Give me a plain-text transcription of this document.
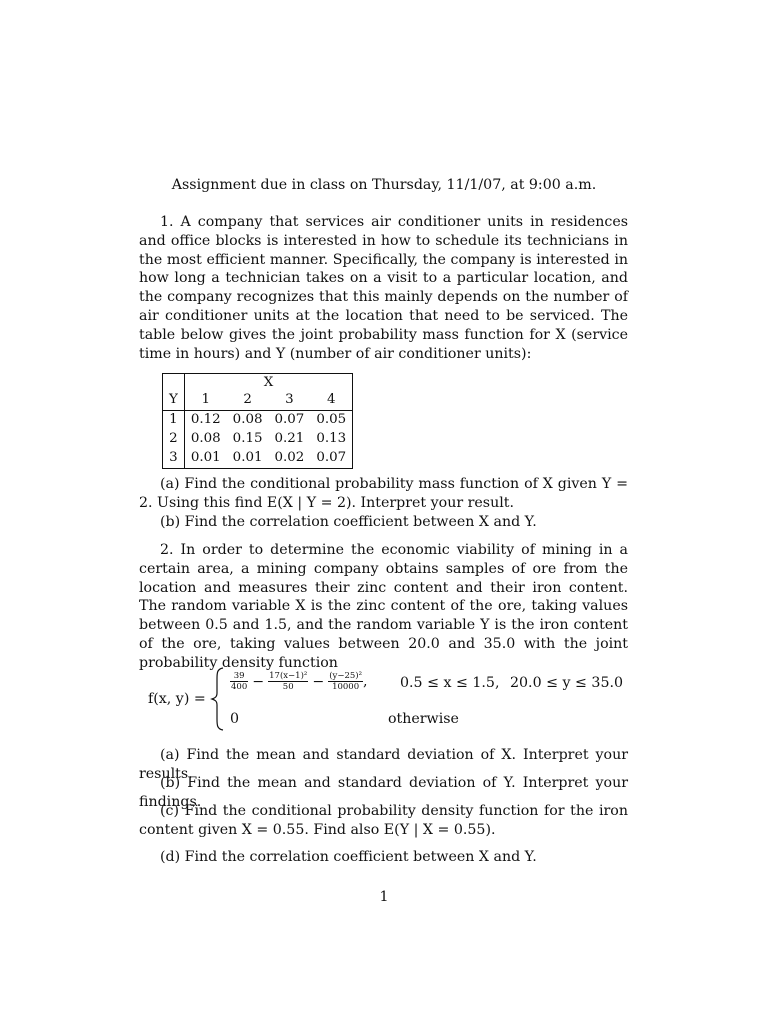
Assignment due in class on Thursday, 11/1/07, at 9:00 a.m.

1. A company that services air conditioner units in residences and office blocks is interested in how to schedule its technicians in the most efficient manner. Specifically, the company is interested in how long a technician takes on a visit to a particular location, and the company recognizes that this mainly depends on the number of air conditioner units at the location that need to be serviced. The table below gives the joint probability mass function for X (service time in hours) and Y (number of air conditioner units):

	X				
Y	1	2	3	4	
1	0.12	0.08	0.07	0.05	
2	0.08	0.15	0.21	0.13	
3	0.01	0.01	0.02	0.07	

(a) Find the conditional probability mass function of X given Y = 2. Using this find E(X | Y = 2). Interpret your result.

(b) Find the correlation coefficient between X and Y.

2. In order to determine the economic viability of mining in a certain area, a mining company obtains samples of ore from the location and measures their zinc content and their iron content. The random variable X is the zinc content of the ore, taking values between 0.5 and 1.5, and the random variable Y is the iron content of the ore, taking values between 20.0 and 35.0 with the joint probability density function

f(x, y) =
$\frac{39}{400} - \frac{\text{17(x−1)²}}{50} - \frac{\text{(y−25)²}}{10000}$ , 0.5 ≤ x ≤ 1.5, 20.0 ≤ y ≤ 35.0
0	otherwise

(a) Find the mean and standard deviation of X. Interpret your results.

(b) Find the mean and standard deviation of Y. Interpret your findings.

(c) Find the conditional probability density function for the iron content given X = 0.55. Find also E(Y | X = 0.55).

(d) Find the correlation coefficient between X and Y.

1
